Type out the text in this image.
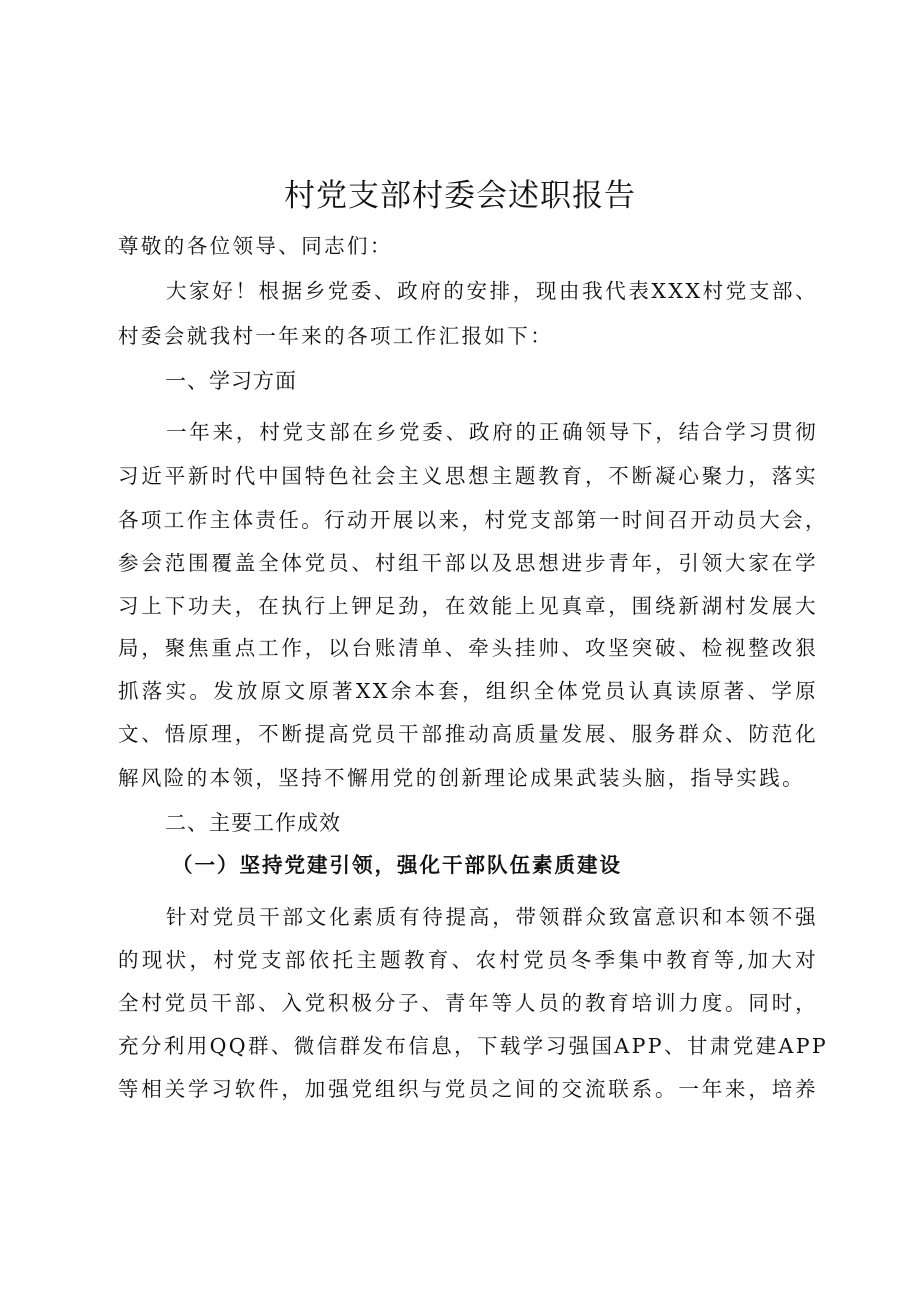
村党支部村委会述职报告
尊敬的各位领导、同志们：
大家好！根据乡党委、政府的安排，现由我代表XXX村党支部、
村委会就我村一年来的各项工作汇报如下：
一、学习方面
一年来，村党支部在乡党委、政府的正确领导下，结合学习贯彻
习近平新时代中国特色社会主义思想主题教育，不断凝心聚力，落实
各项工作主体责任。行动开展以来，村党支部第一时间召开动员大会，
参会范围覆盖全体党员、村组干部以及思想进步青年，引领大家在学
习上下功夫，在执行上钾足劲，在效能上见真章，围绕新湖村发展大
局，聚焦重点工作，以台账清单、牵头挂帅、攻坚突破、检视整改狠
抓落实。发放原文原著XX余本套，组织全体党员认真读原著、学原
文、悟原理，不断提高党员干部推动高质量发展、服务群众、防范化
解风险的本领，坚持不懈用党的创新理论成果武装头脑，指导实践。
二、主要工作成效
（一）坚持党建引领，强化干部队伍素质建设
针对党员干部文化素质有待提高，带领群众致富意识和本领不强
的现状，村党支部依托主题教育、农村党员冬季集中教育等,加大对
全村党员干部、入党积极分子、青年等人员的教育培训力度。同时，
充分利用QQ群、微信群发布信息，下载学习强国APP、甘肃党建APP
等相关学习软件，加强党组织与党员之间的交流联系。一年来，培养
